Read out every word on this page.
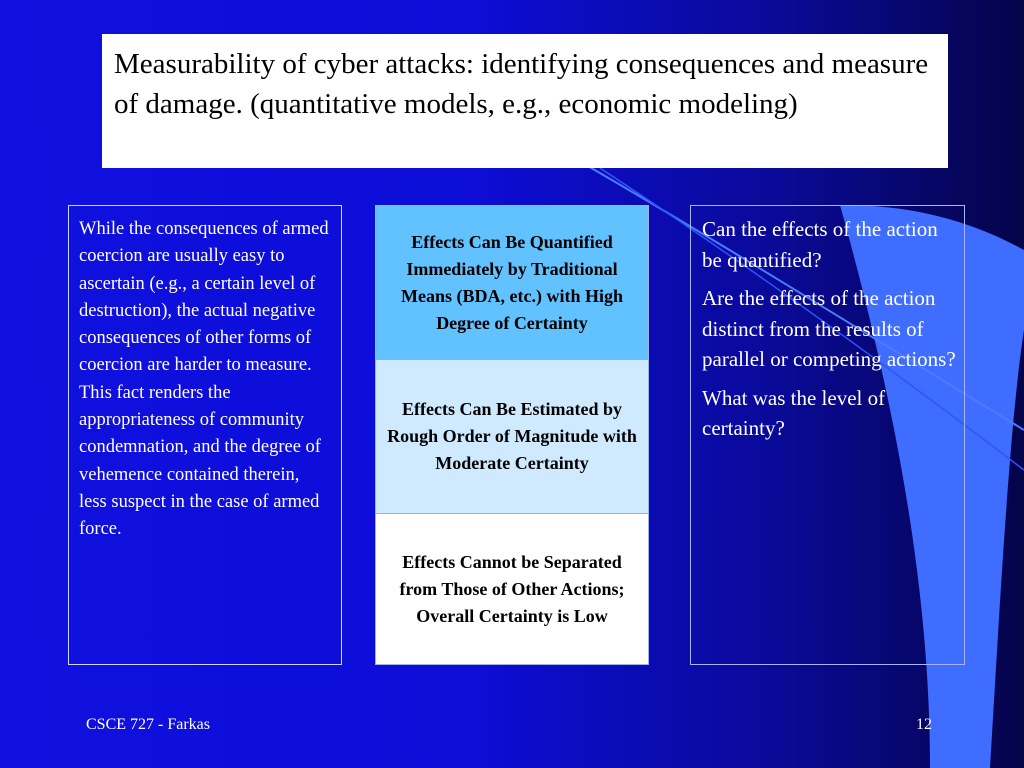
Measurability of cyber attacks: identifying consequences and measure of damage. (quantitative models, e.g., economic modeling)
While the consequences of armed coercion are usually easy to ascertain (e.g., a certain level of destruction), the actual negative consequences of other forms of coercion are harder to measure. This fact renders the appropriateness of community condemnation, and the degree of vehemence contained therein, less suspect in the case of armed force.
Effects Can Be Quantified Immediately by Traditional Means (BDA, etc.) with High Degree of Certainty
Effects Can Be Estimated by Rough Order of Magnitude with Moderate Certainty
Effects Cannot be Separated from Those of Other Actions; Overall Certainty is Low

Can the effects of the action be quantified?

Are the effects of the action distinct from the results of parallel or competing actions?

What was the level of certainty?

CSCE 727 - Farkas	12
